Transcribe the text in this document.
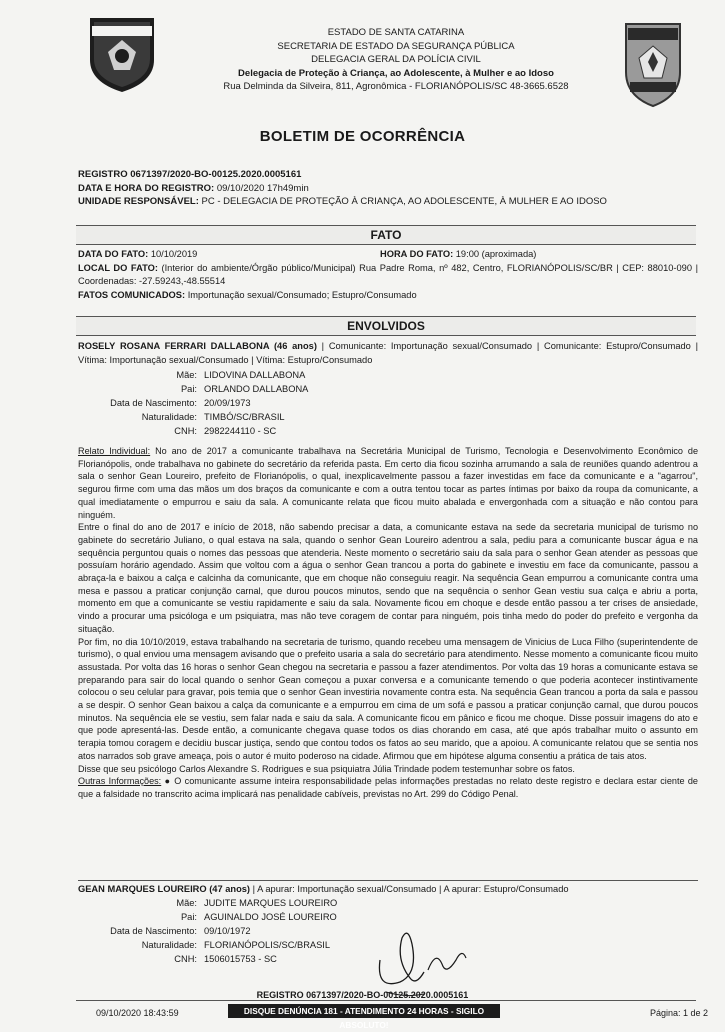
ESTADO DE SANTA CATARINA
SECRETARIA DE ESTADO DA SEGURANÇA PÚBLICA
DELEGACIA GERAL DA POLÍCIA CIVIL
Delegacia de Proteção à Criança, ao Adolescente, à Mulher e ao Idoso
Rua Delminda da Silveira, 811, Agronômica - FLORIANÓPOLIS/SC 48-3665.6528
BOLETIM DE OCORRÊNCIA
REGISTRO 0671397/2020-BO-00125.2020.0005161
DATA E HORA DO REGISTRO: 09/10/2020 17h49min
UNIDADE RESPONSÁVEL: PC - DELEGACIA DE PROTEÇÃO À CRIANÇA, AO ADOLESCENTE, À MULHER E AO IDOSO
FATO
DATA DO FATO: 10/10/2019	HORA DO FATO: 19:00 (aproximada)
LOCAL DO FATO: (Interior do ambiente/Órgão público/Municipal) Rua Padre Roma, nº 482, Centro, FLORIANÓPOLIS/SC/BR | CEP: 88010-090 | Coordenadas: -27.59243,-48.55514
FATOS COMUNICADOS: Importunação sexual/Consumado; Estupro/Consumado
ENVOLVIDOS
ROSELY ROSANA FERRARI DALLABONA (46 anos) | Comunicante: Importunação sexual/Consumado | Comunicante: Estupro/Consumado | Vítima: Importunação sexual/Consumado | Vítima: Estupro/Consumado
Mãe: LIDOVINA DALLABONA
Pai: ORLANDO DALLABONA
Data de Nascimento: 20/09/1973
Naturalidade: TIMBÓ/SC/BRASIL
CNH: 2982244110 - SC

Relato Individual: No ano de 2017 a comunicante trabalhava na Secretária Municipal de Turismo, Tecnologia e Desenvolvimento Econômico de Florianópolis, onde trabalhava no gabinete do secretário da referida pasta. Em certo dia ficou sozinha arrumando a sala de reuniões quando adentrou a sala o senhor Gean Loureiro, prefeito de Florianópolis, o qual, inexplicavelmente passou a fazer investidas em face da comunicante e a "agarrou", segurou firme com uma das mãos um dos braços da comunicante e com a outra tentou tocar as partes íntimas por baixo da roupa da comunicante, a qual imediatamente o empurrou e saiu da sala. A comunicante relata que ficou muito abalada e envergonhada com a situação e não contou para ninguém.

Entre o final do ano de 2017 e início de 2018, não sabendo precisar a data, a comunicante estava na sede da secretaria municipal de turismo no gabinete do secretário Juliano, o qual estava na sala, quando o senhor Gean Loureiro adentrou a sala, pediu para a comunicante buscar água e na sequência perguntou quais o nomes das pessoas que atenderia. Neste momento o secretário saiu da sala para o senhor Gean atender as pessoas que possuíam horário agendado. Assim que voltou com a água o senhor Gean trancou a porta do gabinete e investiu em face da comunicante, passou a abraça-la e baixou a calça e calcinha da comunicante, que em choque não conseguiu reagir. Na sequência Gean empurrou a comunicante contra uma mesa e passou a praticar conjunção carnal, que durou poucos minutos, sendo que na sequência o senhor Gean vestiu sua calça e abriu a porta, momento em que a comunicante se vestiu rapidamente e saiu da sala. Novamente ficou em choque e desde então passou a ter crises de ansiedade, vindo a procurar uma psicóloga e um psiquiatra, mas não teve coragem de contar para ninguém, pois tinha medo do poder do prefeito e vergonha da situação.

Por fim, no dia 10/10/2019, estava trabalhando na secretaria de turismo, quando recebeu uma mensagem de Vinicius de Luca Filho (superintendente de turismo), o qual enviou uma mensagem avisando que o prefeito usaria a sala do secretário para atendimento. Nesse momento a comunicante ficou muito assustada. Por volta das 16 horas o senhor Gean chegou na secretaria e passou a fazer atendimentos. Por volta das 19 horas a comunicante estava se preparando para sair do local quando o senhor Gean começou a puxar conversa e a comunicante temendo o que poderia acontecer instintivamente colocou o seu celular para gravar, pois temia que o senhor Gean investiria novamente contra esta. Na sequência Gean trancou a porta da sala e passou a se despir. O senhor Gean baixou a calça da comunicante e a empurrou em cima de um sofá e passou a praticar conjunção carnal, que durou poucos minutos. Na sequência ele se vestiu, sem falar nada e saiu da sala. A comunicante ficou em pânico e ficou me choque. Disse possuir imagens do ato e que pode apresentá-las. Desde então, a comunicante chegava quase todos os dias chorando em casa, até que após trabalhar muito o assunto em terapia tomou coragem e decidiu buscar justiça, sendo que contou todos os fatos ao seu marido, que a apoiou. A comunicante relatou que se sentia nos atos narrados sob grave ameaça, pois o autor é muito poderoso na cidade. Afirmou que em hipótese alguma consentiu a prática de tais atos.

Disse que seu psicólogo Carlos Alexandre S. Rodrigues e sua psiquiatra Júlia Trindade podem testemunhar sobre os fatos.

Outras Informações: ● O comunicante assume inteira responsabilidade pelas informações prestadas no relato deste registro e declara estar ciente de que a falsidade no transcrito acima implicará nas penalidade cabíveis, previstas no Art. 299 do Código Penal.

GEAN MARQUES LOUREIRO (47 anos) | A apurar: Importunação sexual/Consumado | A apurar: Estupro/Consumado
Mãe: JUDITE MARQUES LOUREIRO
Pai: AGUINALDO JOSÉ LOUREIRO
Data de Nascimento: 09/10/1972
Naturalidade: FLORIANÓPOLIS/SC/BRASIL
CNH: 1506015753 - SC
REGISTRO 0671397/2020-BO-00125.2020.0005161
09/10/2020 18:43:59	DISQUE DENÚNCIA 181 - ATENDIMENTO 24 HORAS - SIGILO ABSOLUTO!
Página: 1 de 2
